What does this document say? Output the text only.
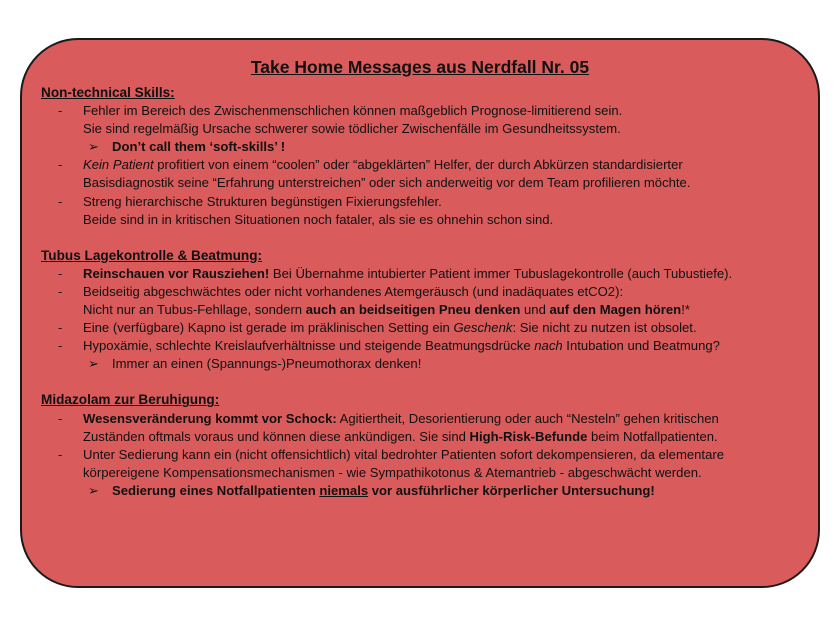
Take Home Messages aus Nerdfall Nr. 05
Non-technical Skills:
- Fehler im Bereich des Zwischenmenschlichen können maßgeblich Prognose-limitierend sein.
Sie sind regelmäßig Ursache schwerer sowie tödlicher Zwischenfälle im Gesundheitssystem.
➢ Don’t call them ‘soft-skills’ !
- Kein Patient profitiert von einem “coolen” oder “abgeklärten” Helfer, der durch Abkürzen standardisierter
Basisdiagnostik seine “Erfahrung unterstreichen” oder sich anderweitig vor dem Team profilieren möchte.
- Streng hierarchische Strukturen begünstigen Fixierungsfehler.
Beide sind in in kritischen Situationen noch fataler, als sie es ohnehin schon sind.
Tubus Lagekontrolle & Beatmung:
- Reinschauen vor Rausziehen! Bei Übernahme intubierter Patient immer Tubuslagekontrolle (auch Tubustiefe).
- Beidseitig abgeschwächtes oder nicht vorhandenes Atemgeräusch (und inadäquates etCO2):
Nicht nur an Tubus-Fehllage, sondern auch an beidseitigen Pneu denken und auf den Magen hören!*
- Eine (verfügbare) Kapno ist gerade im präklinischen Setting ein Geschenk: Sie nicht zu nutzen ist obsolet.
- Hypoxämie, schlechte Kreislaufverhältnisse und steigende Beatmungsdrücke nach Intubation und Beatmung?
➢ Immer an einen (Spannungs-)Pneumothorax denken!
Midazolam zur Beruhigung:
- Wesensveränderung kommt vor Schock: Agitiertheit, Desorientierung oder auch “Nesteln” gehen kritischen
Zuständen oftmals voraus und können diese ankündigen. Sie sind High-Risk-Befunde beim Notfallpatienten.
- Unter Sedierung kann ein (nicht offensichtlich) vital bedrohter Patienten sofort dekompensieren, da elementare
körpereigene Kompensationsmechanismen - wie Sympathikotonus & Atemantrieb - abgeschwächt werden.
➢ Sedierung eines Notfallpatienten niemals vor ausführlicher körperlicher Untersuchung!
